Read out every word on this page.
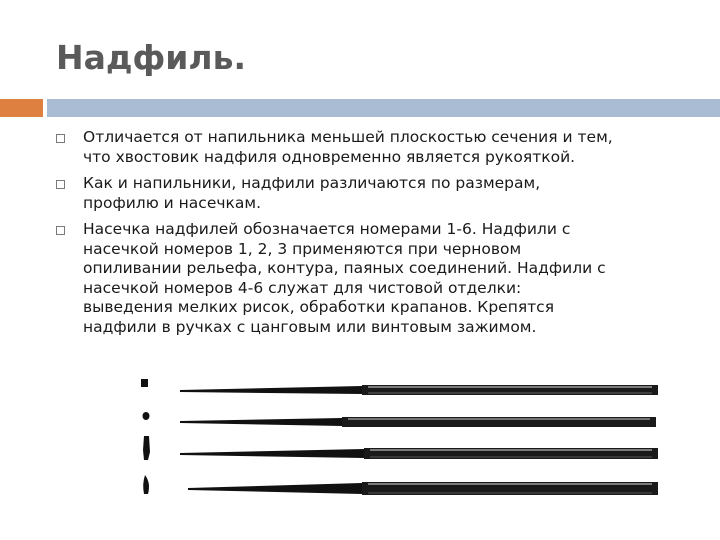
Надфиль.
Отличается от напильника меньшей плоскостью сечения и тем,
что хвостовик надфиля одновременно является рукояткой.
Как и напильники, надфили различаются по размерам,
профилю и насечкам.
Насечка надфилей обозначается номерами 1-6. Надфили с
насечкой номеров 1, 2, 3 применяются при черновом
опиливании рельефа, контура, паяных соединений. Надфили с
насечкой номеров 4-6 служат для чистовой отделки:
выведения мелких рисок, обработки крапанов. Крепятся
надфили в ручках с цанговым или винтовым зажимом.
